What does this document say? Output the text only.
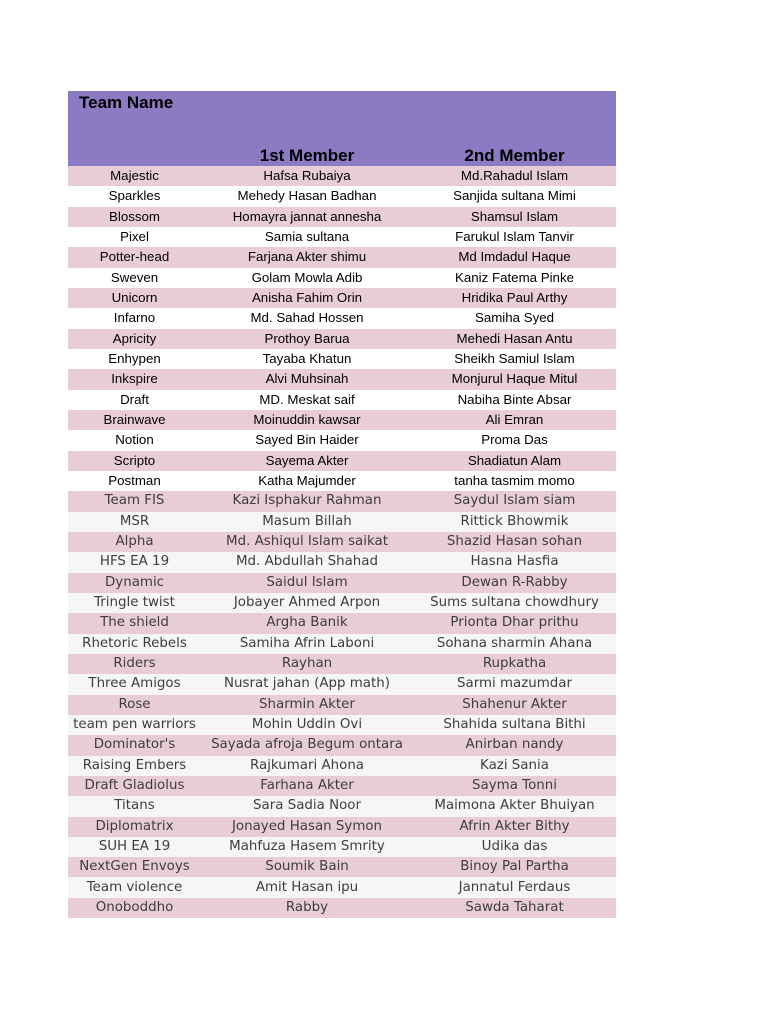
Team Name		
	1st Member	2nd Member
Majestic	Hafsa Rubaiya	Md.Rahadul Islam
Sparkles	Mehedy Hasan Badhan	Sanjida sultana Mimi
Blossom	Homayra jannat annesha	Shamsul Islam
Pixel	Samia sultana	Farukul Islam Tanvir
Potter-head	Farjana Akter shimu	Md Imdadul Haque
Sweven	Golam Mowla Adib	Kaniz Fatema Pinke
Unicorn	Anisha Fahim Orin	Hridika Paul Arthy
Infarno	Md. Sahad Hossen	Samiha Syed
Apricity	Prothoy Barua	Mehedi Hasan Antu
Enhypen	Tayaba Khatun	Sheikh Samiul Islam
Inkspire	Alvi Muhsinah	Monjurul Haque Mitul
Draft	MD. Meskat saif	Nabiha Binte Absar
Brainwave	Moinuddin kawsar	Ali Emran
Notion	Sayed Bin Haider	Proma Das
Scripto	Sayema Akter	Shadiatun Alam
Postman	Katha Majumder	tanha tasmim momo
Team FIS	Kazi Isphakur Rahman	Saydul Islam siam
MSR	Masum Billah	Rittick Bhowmik
Alpha	Md. Ashiqul Islam saikat	Shazid Hasan sohan
HFS EA 19	Md. Abdullah Shahad	Hasna Hasfia
Dynamic	Saidul Islam	Dewan R-Rabby
Tringle twist	Jobayer Ahmed Arpon	Sums sultana chowdhury
The shield	Argha Banik	Prionta Dhar prithu
Rhetoric Rebels	Samiha Afrin Laboni	Sohana sharmin Ahana
Riders	Rayhan	Rupkatha
Three Amigos	Nusrat jahan (App math)	Sarmi mazumdar
Rose	Sharmin Akter	Shahenur Akter
team pen warriors	Mohin Uddin Ovi	Shahida sultana Bithi
Dominator's	Sayada afroja Begum ontara	Anirban nandy
Raising Embers	Rajkumari Ahona	Kazi Sania
Draft Gladiolus	Farhana Akter	Sayma Tonni
Titans	Sara Sadia Noor	Maimona Akter Bhuiyan
Diplomatrix	Jonayed Hasan Symon	Afrin Akter Bithy
SUH EA 19	Mahfuza Hasem Smrity	Udika das
NextGen Envoys	Soumik Bain	Binoy Pal Partha
Team violence	Amit Hasan ipu	Jannatul Ferdaus
Onoboddho	Rabby	Sawda Taharat
